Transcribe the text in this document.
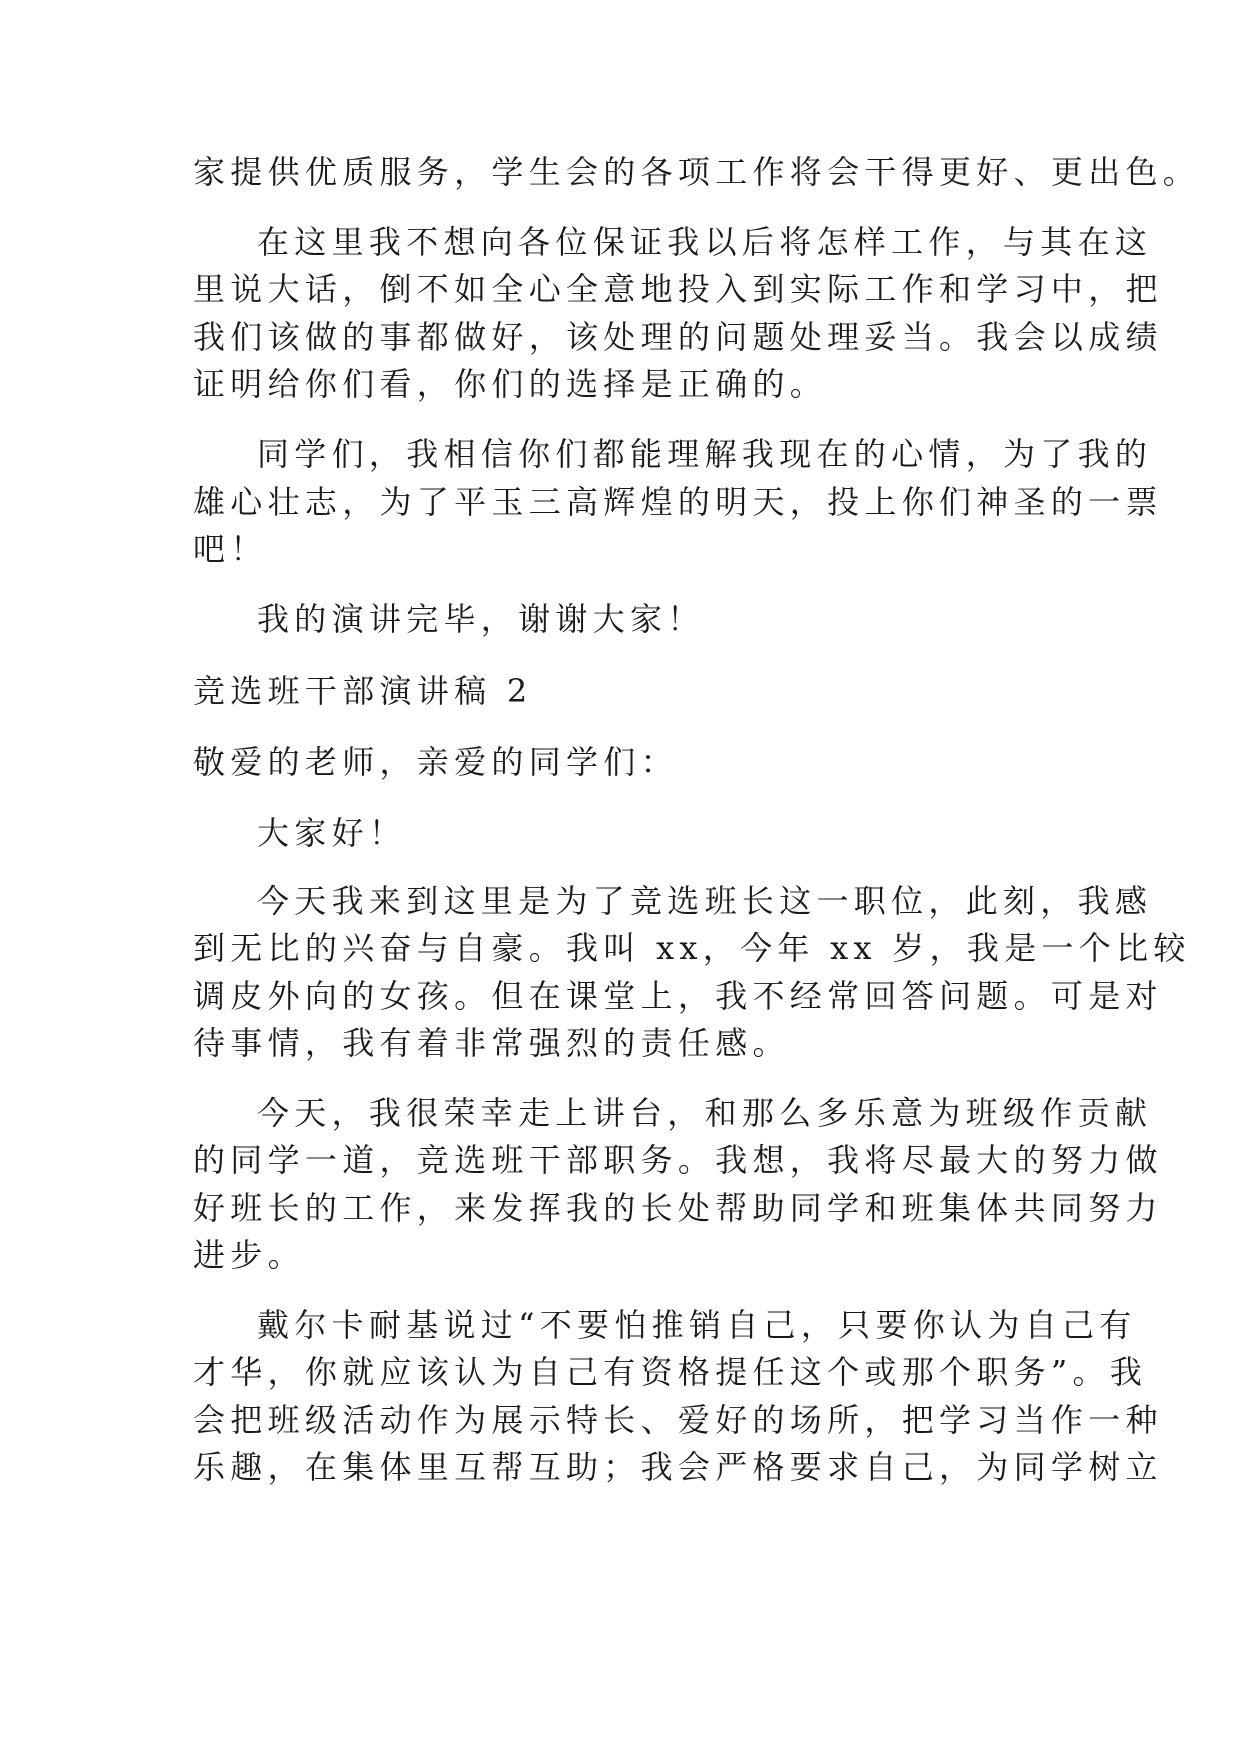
家提供优质服务，学生会的各项工作将会干得更好、更出色。
在这里我不想向各位保证我以后将怎样工作，与其在这
里说大话，倒不如全心全意地投入到实际工作和学习中，把
我们该做的事都做好，该处理的问题处理妥当。我会以成绩
证明给你们看，你们的选择是正确的。
同学们，我相信你们都能理解我现在的心情，为了我的
雄心壮志，为了平玉三高辉煌的明天，投上你们神圣的一票
吧！
我的演讲完毕，谢谢大家！
竞选班干部演讲稿 2
敬爱的老师，亲爱的同学们：
大家好！
今天我来到这里是为了竞选班长这一职位，此刻，我感
到无比的兴奋与自豪。我叫 xx，今年 xx 岁，我是一个比较
调皮外向的女孩。但在课堂上，我不经常回答问题。可是对
待事情，我有着非常强烈的责任感。
今天，我很荣幸走上讲台，和那么多乐意为班级作贡献
的同学一道，竞选班干部职务。我想，我将尽最大的努力做
好班长的工作，来发挥我的长处帮助同学和班集体共同努力
进步。
戴尔卡耐基说过“不要怕推销自己，只要你认为自己有
才华，你就应该认为自己有资格提任这个或那个职务”。我
会把班级活动作为展示特长、爱好的场所，把学习当作一种
乐趣，在集体里互帮互助；我会严格要求自己，为同学树立
